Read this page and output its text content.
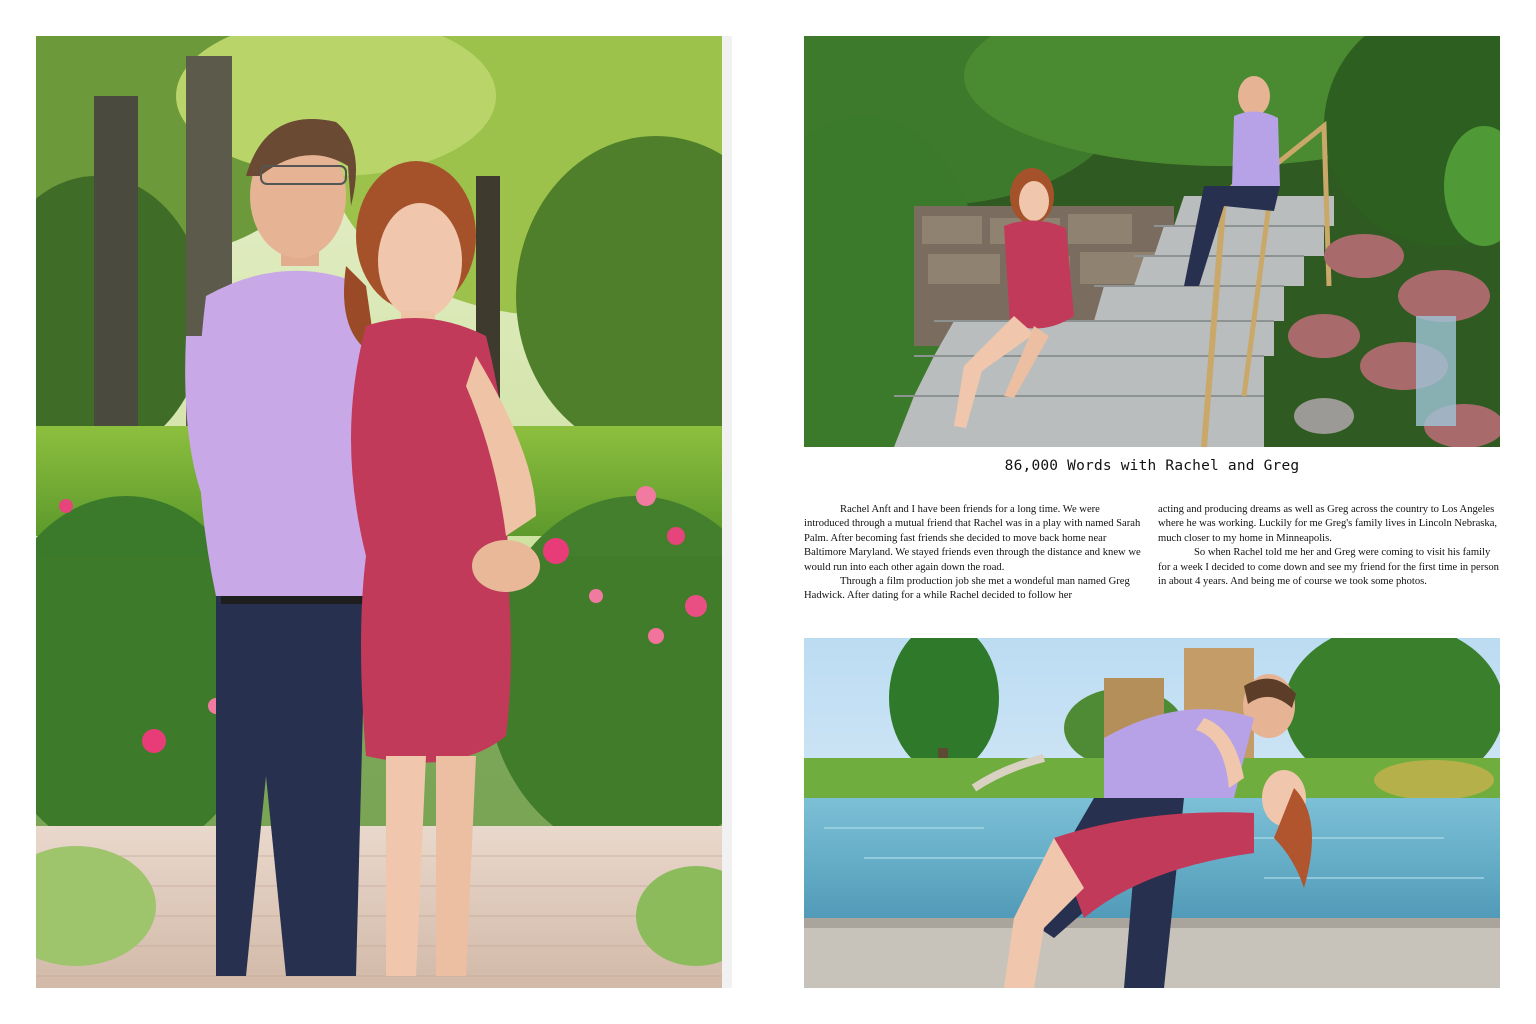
86,000 Words with Rachel and Greg

Rachel Anft and I have been friends for a long time. We were introduced through a mutual friend that Rachel was in a play with named Sarah Palm. After becoming fast friends she decided to move back home near Baltimore Maryland. We stayed friends even through the distance and knew we would run into each other again down the road.

Through a film production job she met a wondeful man named Greg Hadwick. After dating for a while Rachel decided to follow her

acting and producing dreams as well as Greg across the country to Los Angeles where he was working. Luckily for me Greg's family lives in Lincoln Nebraska, much closer to my home in Minneapolis.

So when Rachel told me her and Greg were coming to visit his family for a week I decided to come down and see my friend for the first time in person in about 4 years. And being me of course we took some photos.
